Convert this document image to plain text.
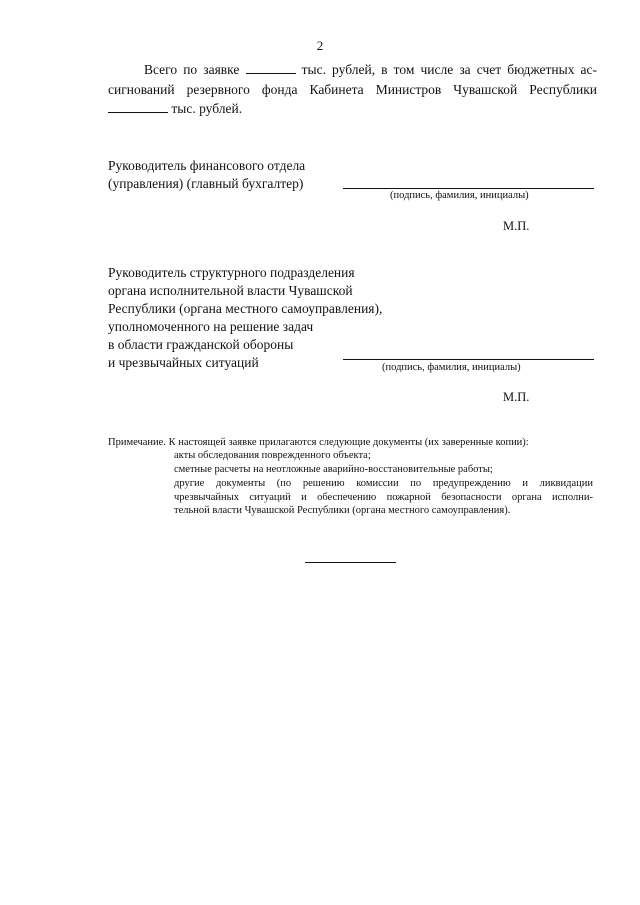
2
Всего по заявке	тыс. рублей, в том числе за счет бюджетных ас-
сигнований резервного фонда Кабинета Министров Чувашской Республики
тыс. рублей.
Руководитель финансового отдела
(управления) (главный бухгалтер)
(подпись, фамилия, инициалы)
М.П.
Руководитель структурного подразделения
органа исполнительной власти Чувашской
Республики (органа местного самоуправления),
уполномоченного на решение задач
в области гражданской обороны
и чрезвычайных ситуаций	(подпись, фамилия, инициалы)
М.П.
Примечание. К настоящей заявке прилагаются следующие документы (их заверенные копии):
акты обследования поврежденного объекта;
сметные расчеты на неотложные аварийно-восстановительные работы;
другие документы (по решению комиссии по предупреждению и ликвидации
чрезвычайных ситуаций и обеспечению пожарной безопасности органа исполни-
тельной власти Чувашской Республики (органа местного самоуправления).
